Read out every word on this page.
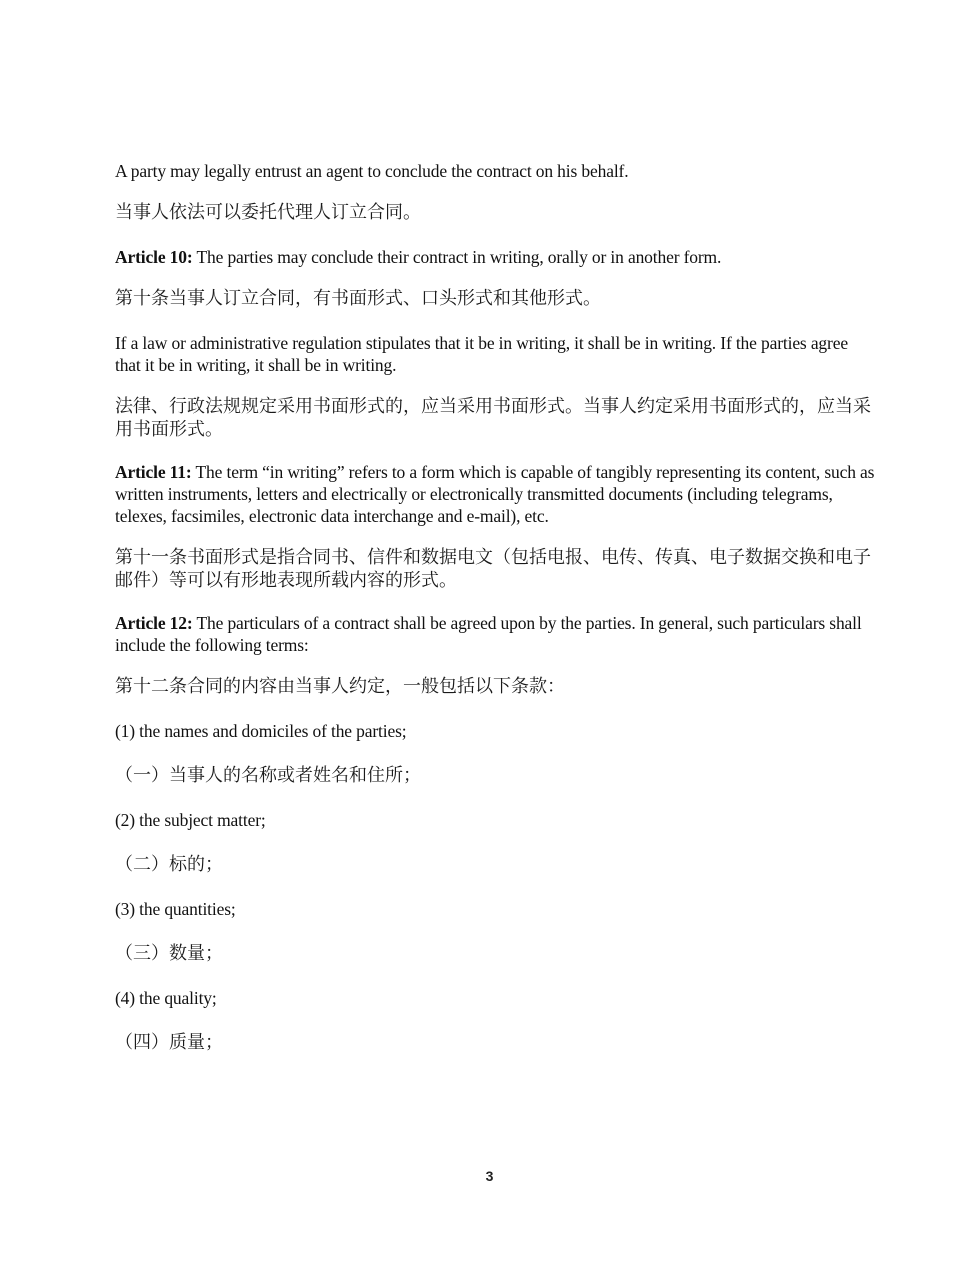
A party may legally entrust an agent to conclude the contract on his behalf.

当事人依法可以委托代理人订立合同。

Article 10: The parties may conclude their contract in writing, orally or in another form.

第十条当事人订立合同，有书面形式、口头形式和其他形式。

If a law or administrative regulation stipulates that it be in writing, it shall be in writing. If the parties agree that it be in writing, it shall be in writing.

法律、行政法规规定采用书面形式的，应当采用书面形式。当事人约定采用书面形式的，应当采用书面形式。

Article 11: The term “in writing” refers to a form which is capable of tangibly representing its content, such as written instruments, letters and electrically or electronically transmitted documents (including telegrams, telexes, facsimiles, electronic data interchange and e-mail), etc.

第十一条书面形式是指合同书、信件和数据电文（包括电报、电传、传真、电子数据交换和电子邮件）等可以有形地表现所载内容的形式。

Article 12: The particulars of a contract shall be agreed upon by the parties. In general, such particulars shall include the following terms:

第十二条合同的内容由当事人约定，一般包括以下条款：

(1) the names and domiciles of the parties;

（一）当事人的名称或者姓名和住所；

(2) the subject matter;

（二）标的；

(3) the quantities;

（三）数量；

(4) the quality;

（四）质量；

3
